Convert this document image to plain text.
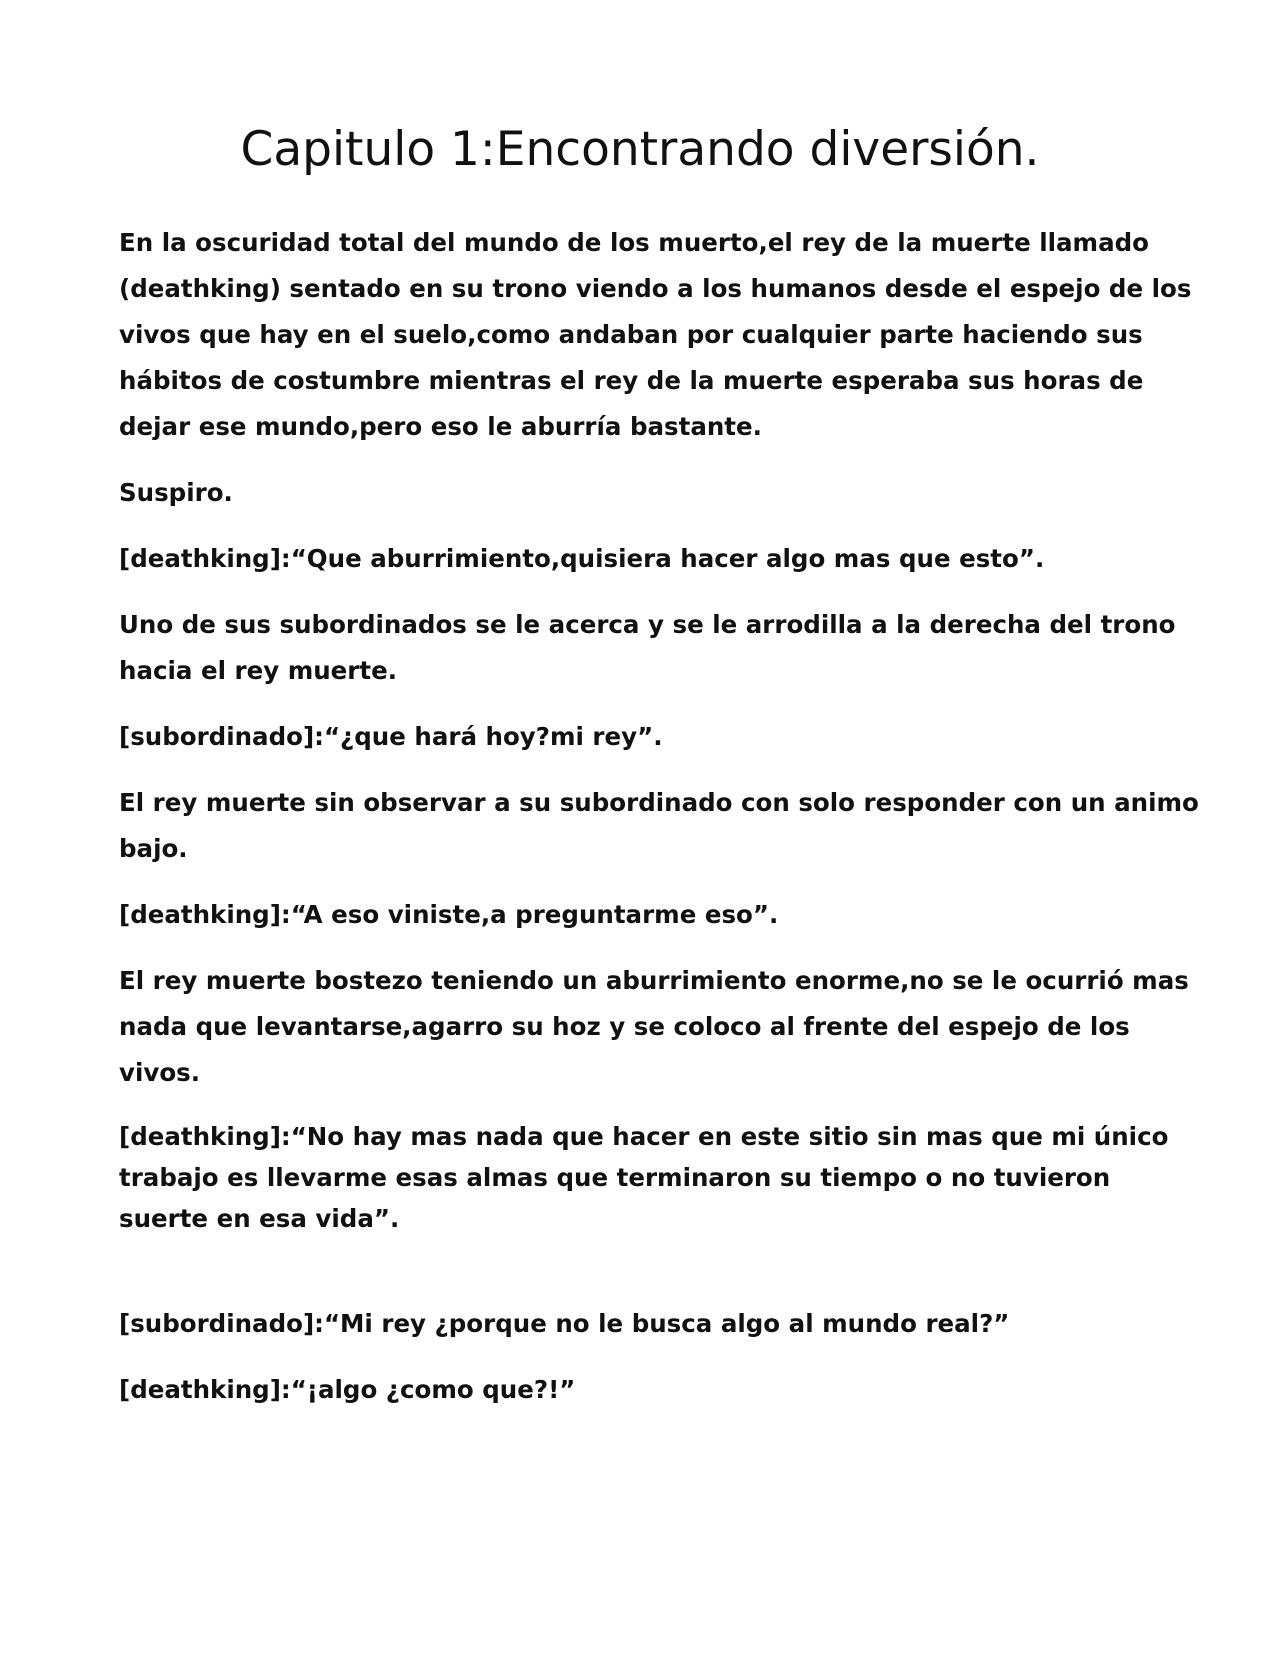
Capitulo 1:Encontrando diversión.

En la oscuridad total del mundo de los muerto,el rey de la muerte llamado (deathking) sentado en su trono viendo a los humanos desde el espejo de los vivos que hay en el suelo,como andaban por cualquier parte haciendo sus hábitos de costumbre mientras el rey de la muerte esperaba sus horas de dejar ese mundo,pero eso le aburría bastante.

Suspiro.

[deathking]:“Que aburrimiento,quisiera hacer algo mas que esto”.

Uno de sus subordinados se le acerca y se le arrodilla a la derecha del trono hacia el rey muerte.

[subordinado]:“¿que hará hoy?mi rey”.

El rey muerte sin observar a su subordinado con solo responder con un animo bajo.

[deathking]:“A eso viniste,a preguntarme eso”.

El rey muerte bostezo teniendo un aburrimiento enorme,no se le ocurrió mas nada que levantarse,agarro su hoz y se coloco al frente del espejo de los vivos.

[deathking]:“No hay mas nada que hacer en este sitio sin mas que mi único trabajo es llevarme esas almas que terminaron su tiempo o no tuvieron suerte en esa vida”.

[subordinado]:“Mi rey ¿porque no le busca algo al mundo real?”

[deathking]:“¡algo ¿como que?!”
